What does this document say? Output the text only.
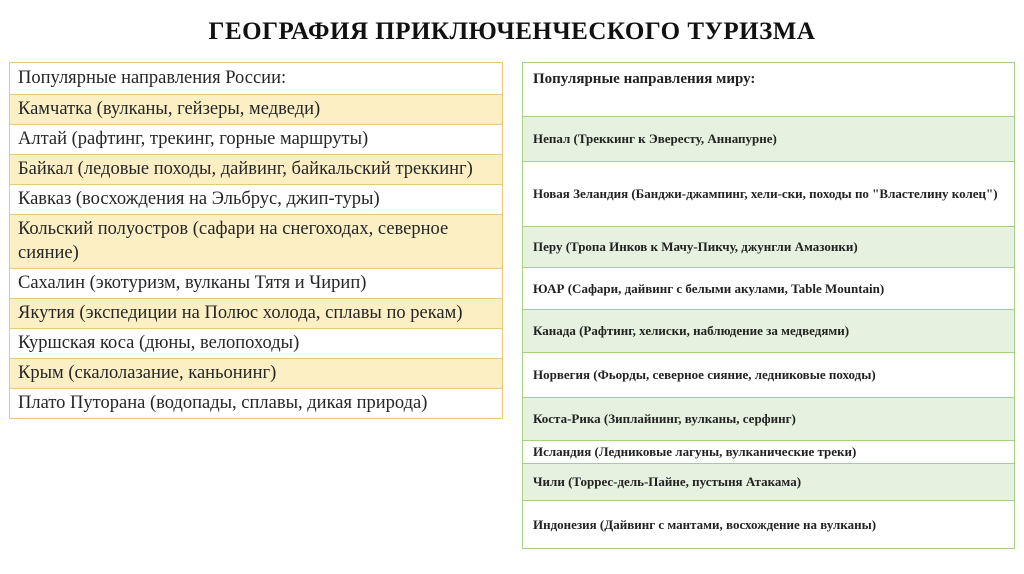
ГЕОГРАФИЯ ПРИКЛЮЧЕНЧЕСКОГО ТУРИЗМА
Популярные направления России:
Камчатка (вулканы, гейзеры, медведи)
Алтай (рафтинг, трекинг, горные маршруты)
Байкал (ледовые походы, дайвинг, байкальский треккинг)
Кавказ (восхождения на Эльбрус, джип-туры)
Кольский полуостров (сафари на снегоходах, северное сияние)
Сахалин (экотуризм, вулканы Тятя и Чирип)
Якутия (экспедиции на Полюс холода, сплавы по рекам)
Куршская коса (дюны, велопоходы)
Крым (скалолазание, каньонинг)
Плато Путорана (водопады, сплавы, дикая природа)
Популярные направления миру:
Непал (Треккинг к Эвересту, Аннапурне)
Новая Зеландия (Банджи-джампинг, хели-ски, походы по "Властелину колец")
Перу (Тропа Инков к Мачу-Пикчу, джунгли Амазонки)
ЮАР (Сафари, дайвинг с белыми акулами, Table Mountain)
Канада (Рафтинг, хелиски, наблюдение за медведями)
Норвегия (Фьорды, северное сияние, ледниковые походы)
Коста-Рика (Зиплайнинг, вулканы, серфинг)
Исландия (Ледниковые лагуны, вулканические треки)
Чили (Торрес-дель-Пайне, пустыня Атакама)
Индонезия (Дайвинг с мантами, восхождение на вулканы)
